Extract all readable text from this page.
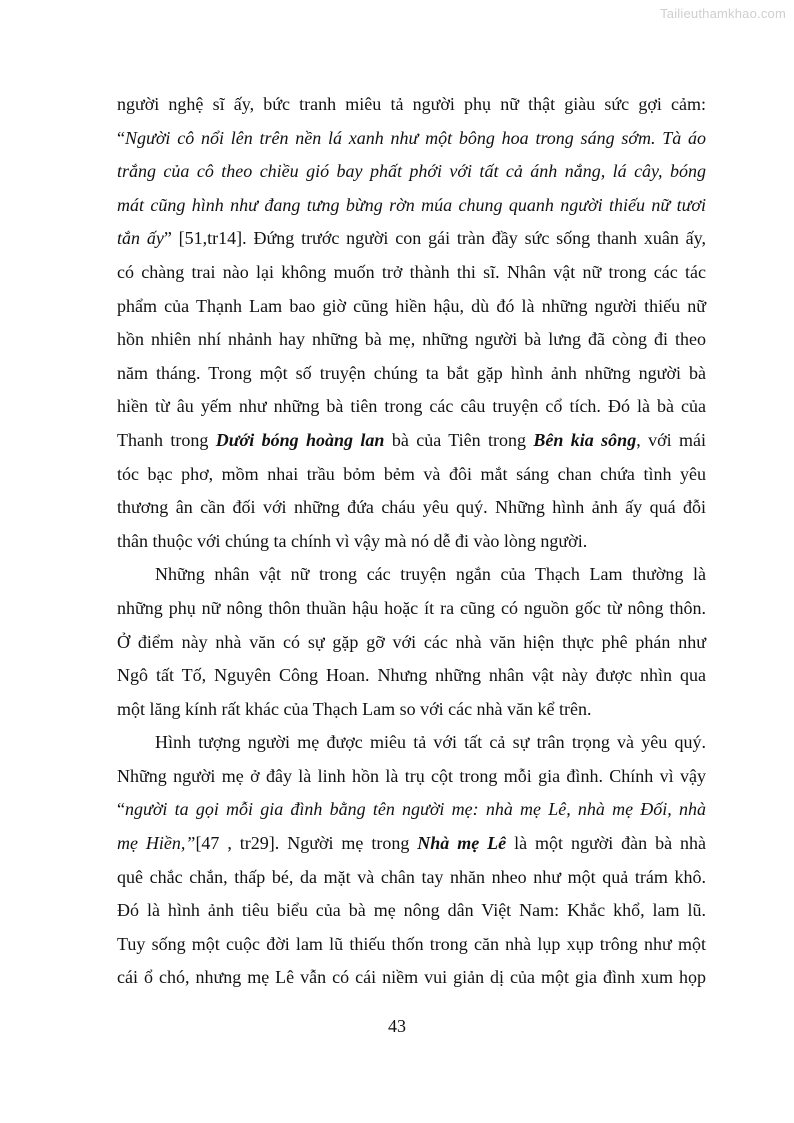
Tailieuthamkhao.com
người nghệ sĩ ấy, bức tranh miêu tả người phụ nữ thật giàu sức gợi cảm:
“Người cô nổi lên trên nền lá xanh như một bông hoa trong sáng sớm. Tà áo
trắng của cô theo chiều gió bay phất phới với tất cả ánh nắng, lá cây, bóng
mát cũng hình như đang tưng bừng rờn múa chung quanh người thiếu nữ tươi
tắn ấy” [51,tr14]. Đứng trước người con gái tràn đầy sức sống thanh xuân ấy,
có chàng trai nào lại không muốn trở thành thi sĩ. Nhân vật nữ trong các tác
phẩm của Thạnh Lam bao giờ cũng hiền hậu, dù đó là những người thiếu nữ
hồn nhiên nhí nhảnh hay những bà mẹ, những người bà lưng đã còng đi theo
năm tháng. Trong một số truyện chúng ta bắt gặp hình ảnh những người bà
hiền từ âu yếm như những bà tiên trong các câu truyện cổ tích. Đó là bà của
Thanh trong Dưới bóng hoàng lan bà của Tiên trong Bên kia sông, với mái
tóc bạc phơ, mồm nhai trầu bỏm bẻm và đôi mắt sáng chan chứa tình yêu
thương ân cần đối với những đứa cháu yêu quý. Những hình ảnh ấy quá đỗi
thân thuộc với chúng ta chính vì vậy mà nó dễ đi vào lòng người.
Những nhân vật nữ trong các truyện ngắn của Thạch Lam thường là
những phụ nữ nông thôn thuần hậu hoặc ít ra cũng có nguồn gốc từ nông thôn.
Ở điểm này nhà văn có sự gặp gỡ với các nhà văn hiện thực phê phán như
Ngô tất Tố, Nguyên Công Hoan. Nhưng những nhân vật này được nhìn qua
một lăng kính rất khác của Thạch Lam so với các nhà văn kể trên.
Hình tượng người mẹ được miêu tả với tất cả sự trân trọng và yêu quý.
Những người mẹ ở đây là linh hồn là trụ cột trong mỗi gia đình. Chính vì vậy
“người ta gọi mỗi gia đình bằng tên người mẹ: nhà mẹ Lê, nhà mẹ Đối, nhà
mẹ Hiền,”[47 , tr29]. Người mẹ trong Nhà mẹ Lê là một người đàn bà nhà
quê chắc chắn, thấp bé, da mặt và chân tay nhăn nheo như một quả trám khô.
Đó là hình ảnh tiêu biểu của bà mẹ nông dân Việt Nam: Khắc khổ, lam lũ.
Tuy sống một cuộc đời lam lũ thiếu thốn trong căn nhà lụp xụp trông như một
cái ổ chó, nhưng mẹ Lê vẫn có cái niềm vui giản dị của một gia đình xum họp
43
